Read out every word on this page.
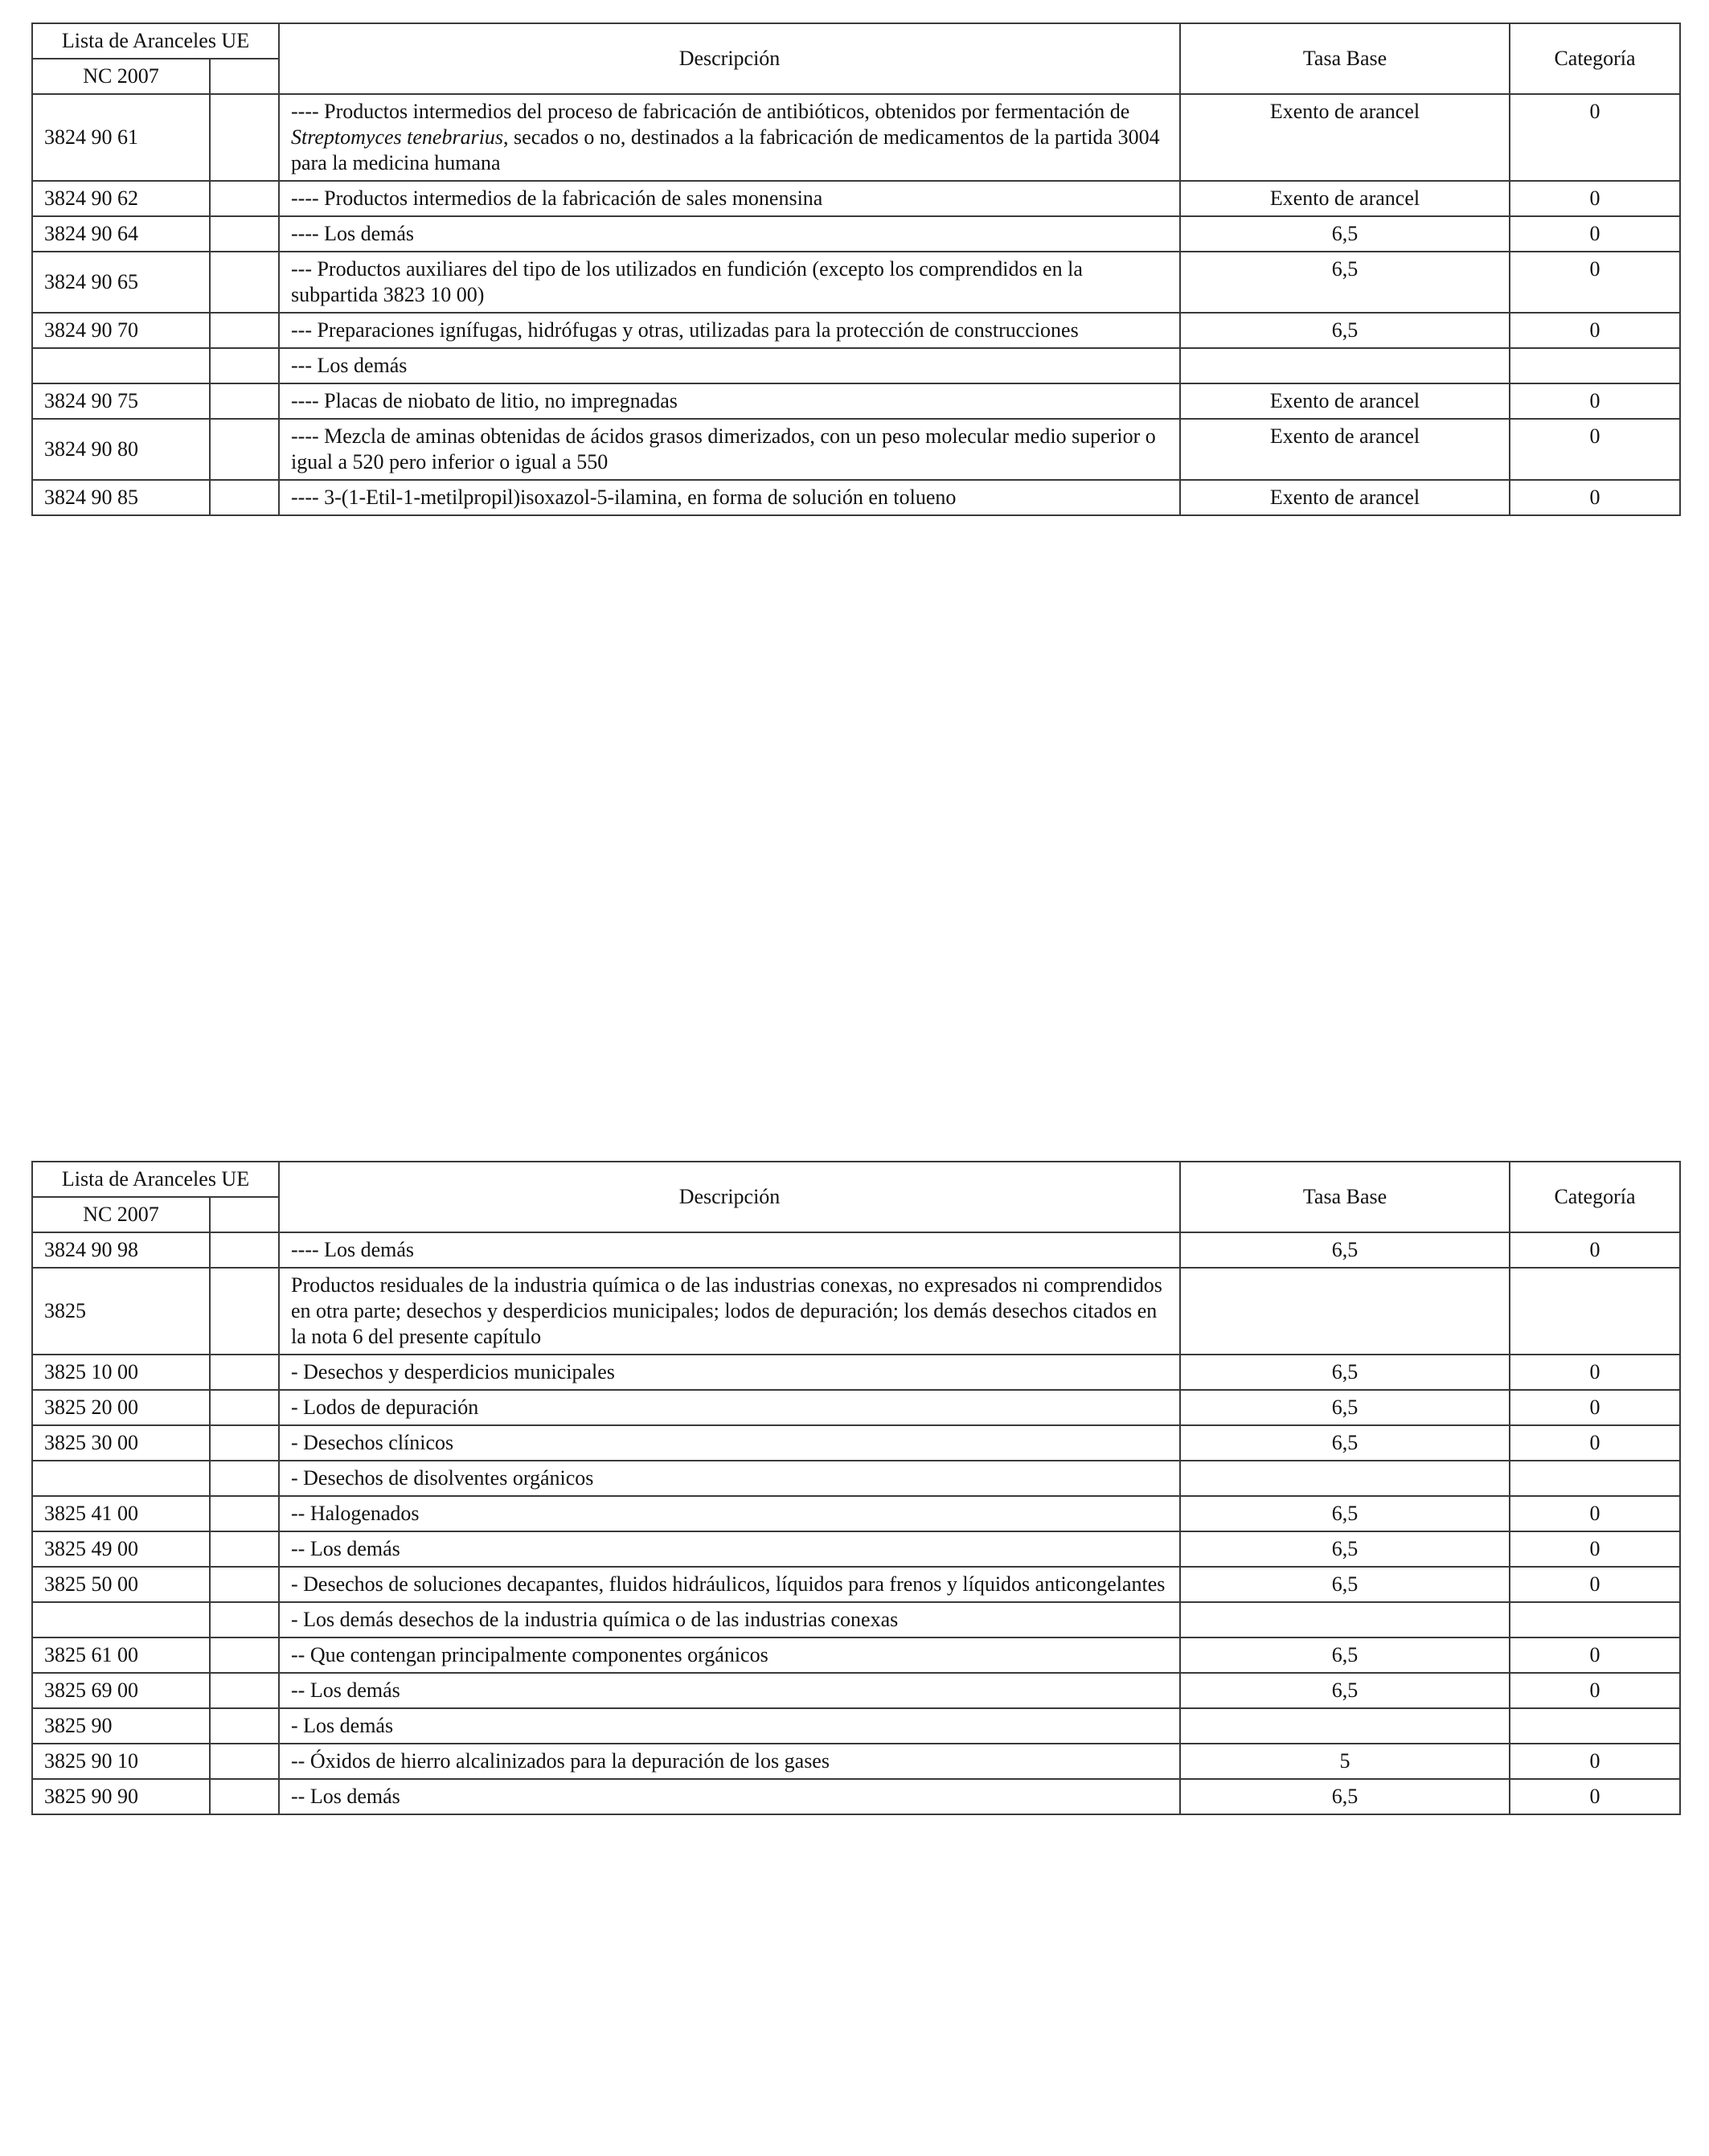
Lista de Aranceles UE		Descripción	Tasa Base	Categoría
NC 2007				
3824 90 61		---- Productos intermedios del proceso de fabricación de antibióticos, obtenidos por fermentación de Streptomyces tenebrarius, secados o no, destinados a la fabricación de medicamentos de la partida 3004 para la medicina humana	Exento de arancel	0
3824 90 62		---- Productos intermedios de la fabricación de sales monensina	Exento de arancel	0
3824 90 64		---- Los demás	6,5	0
3824 90 65		--- Productos auxiliares del tipo de los utilizados en fundición (excepto los comprendidos en la subpartida 3823 10 00)	6,5	0
3824 90 70		--- Preparaciones ignífugas, hidrófugas y otras, utilizadas para la protección de construcciones	6,5	0
		--- Los demás		
3824 90 75		---- Placas de niobato de litio, no impregnadas	Exento de arancel	0
3824 90 80		---- Mezcla de aminas obtenidas de ácidos grasos dimerizados, con un peso molecular medio superior o igual a 520 pero inferior o igual a 550	Exento de arancel	0
3824 90 85		---- 3-(1-Etil-1-metilpropil)isoxazol-5-ilamina, en forma de solución en tolueno	Exento de arancel	0
Lista de Aranceles UE		Descripción	Tasa Base	Categoría
NC 2007				
3824 90 98		---- Los demás	6,5	0
3825		Productos residuales de la industria química o de las industrias conexas, no expresados ni comprendidos en otra parte; desechos y desperdicios municipales; lodos de depuración; los demás desechos citados en la nota 6 del presente capítulo		
3825 10 00		- Desechos y desperdicios municipales	6,5	0
3825 20 00		- Lodos de depuración	6,5	0
3825 30 00		- Desechos clínicos	6,5	0
		- Desechos de disolventes orgánicos		
3825 41 00		-- Halogenados	6,5	0
3825 49 00		-- Los demás	6,5	0
3825 50 00		- Desechos de soluciones decapantes, fluidos hidráulicos, líquidos para frenos y líquidos anticongelantes	6,5	0
		- Los demás desechos de la industria química o de las industrias conexas		
3825 61 00		-- Que contengan principalmente componentes orgánicos	6,5	0
3825 69 00		-- Los demás	6,5	0
3825 90		- Los demás		
3825 90 10		-- Óxidos de hierro alcalinizados para la depuración de los gases	5	0
3825 90 90		-- Los demás	6,5	0
